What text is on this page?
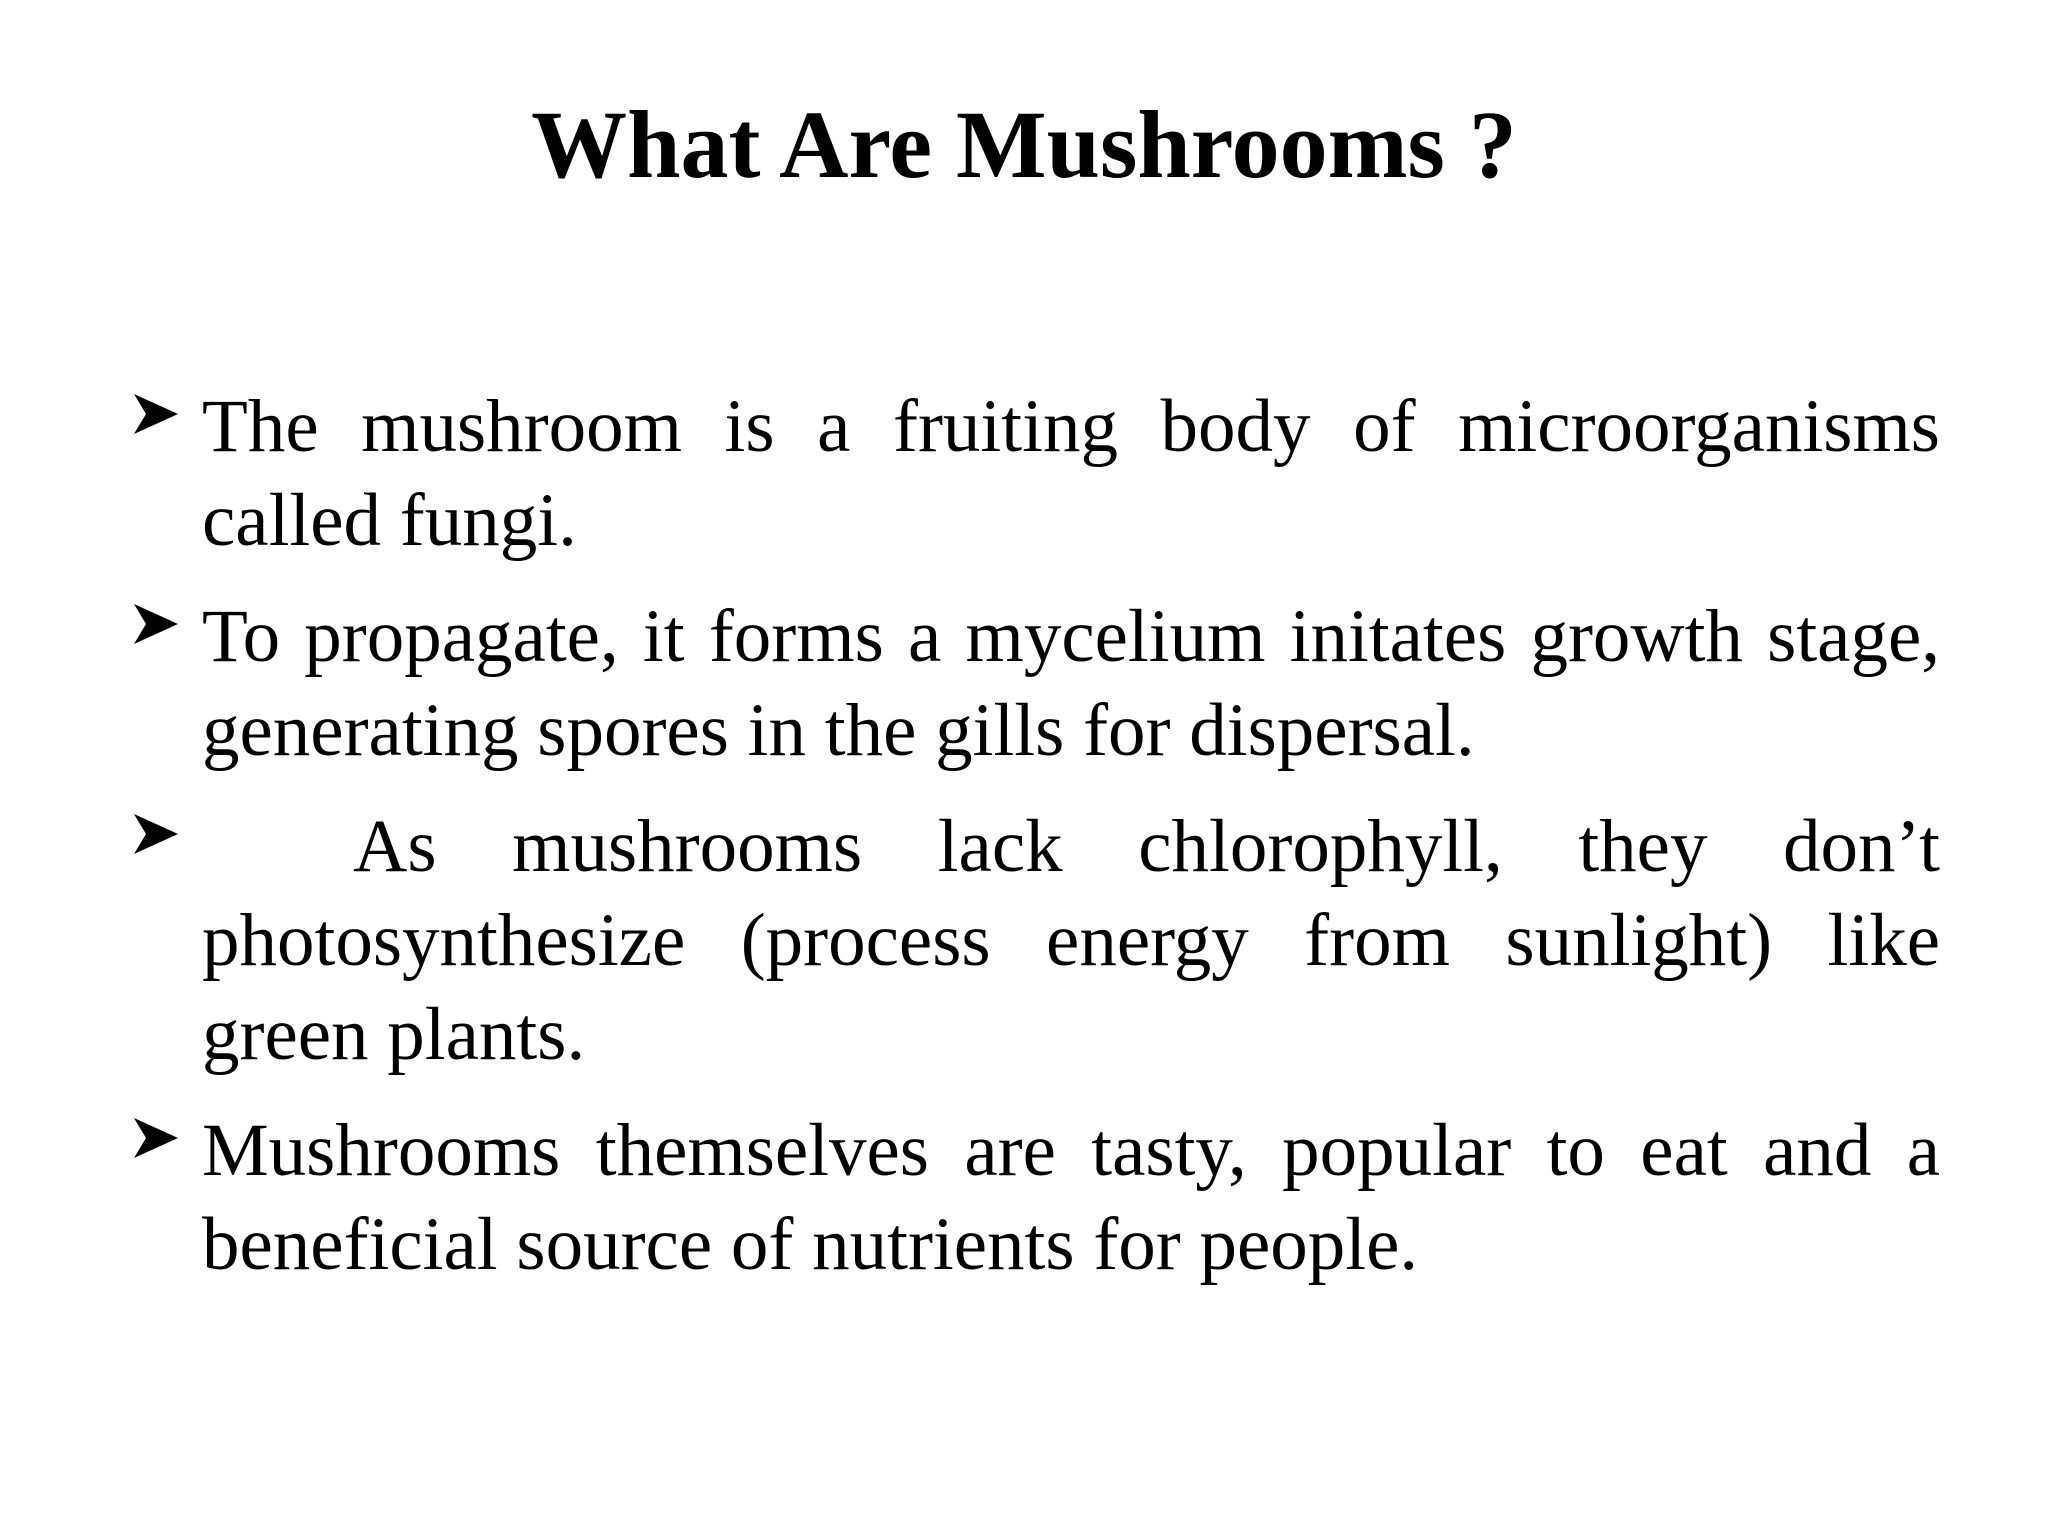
What Are Mushrooms ?
The mushroom is a fruiting body of microorganisms called fungi.
To propagate, it forms a mycelium initates growth stage, generating spores in the gills for dispersal.
As mushrooms lack chlorophyll, they don’t photosynthesize (process energy from sunlight) like green plants.
Mushrooms themselves are tasty, popular to eat and a beneficial source of nutrients for people.
